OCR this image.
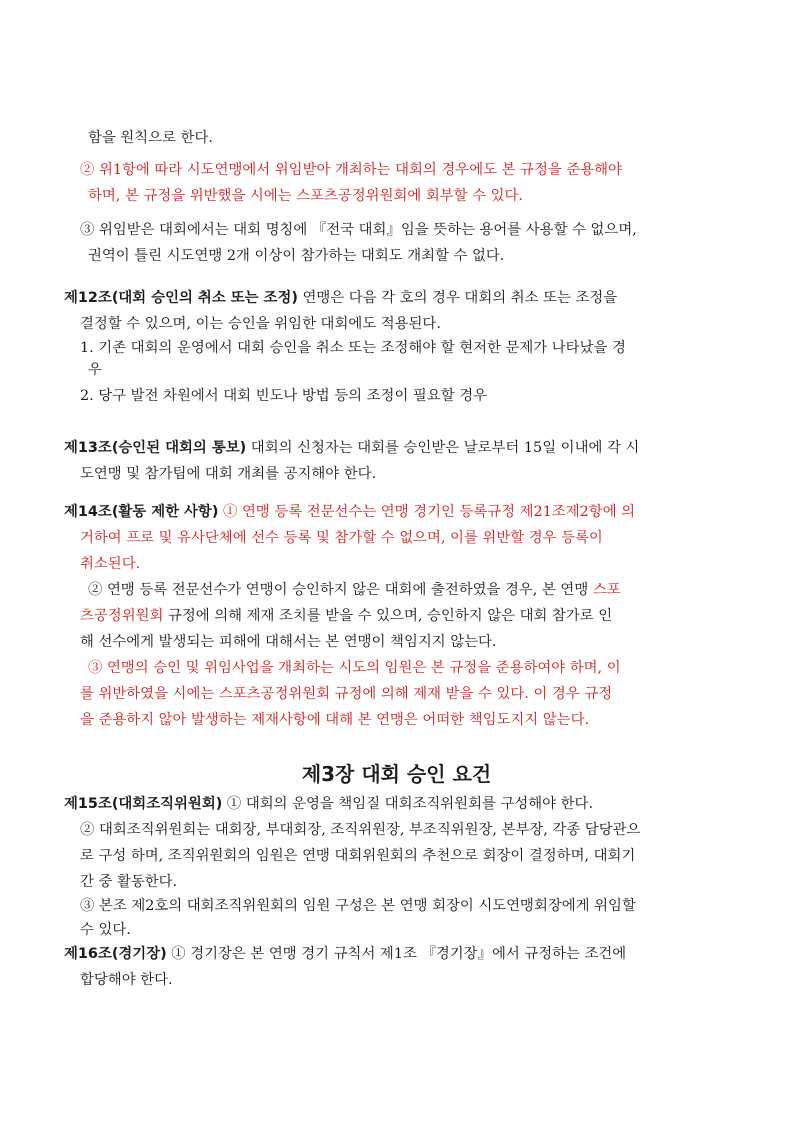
함을 원칙으로 한다.
② 위1항에 따라 시도연맹에서 위임받아 개최하는 대회의 경우에도 본 규정을 준용해야
하며, 본 규정을 위반했을 시에는 스포츠공정위원회에 회부할 수 있다.
③ 위임받은 대회에서는 대회 명칭에 『전국 대회』임을 뜻하는 용어를 사용할 수 없으며,
권역이 틀린 시도연맹 2개 이상이 참가하는 대회도 개최할 수 없다.
제12조(대회 승인의 취소 또는 조정) 연맹은 다음 각 호의 경우 대회의 취소 또는 조정을
결정할 수 있으며, 이는 승인을 위임한 대회에도 적용된다.
1. 기존 대회의 운영에서 대회 승인을 취소 또는 조정해야 할 현저한 문제가 나타났을 경
우
2. 당구 발전 차원에서 대회 빈도나 방법 등의 조정이 필요할 경우
제13조(승인된 대회의 통보) 대회의 신청자는 대회를 승인받은 날로부터 15일 이내에 각 시
도연맹 및 참가팀에 대회 개최를 공지해야 한다.
제14조(활동 제한 사항) ① 연맹 등록 전문선수는 연맹 경기인 등록규정 제21조제2항에 의
거하여 프로 및 유사단체에 선수 등록 및 참가할 수 없으며, 이를 위반할 경우 등록이
취소된다.
② 연맹 등록 전문선수가 연맹이 승인하지 않은 대회에 출전하였을 경우, 본 연맹 스포
츠공정위원회 규정에 의해 제재 조치를 받을 수 있으며, 승인하지 않은 대회 참가로 인
해 선수에게 발생되는 피해에 대해서는 본 연맹이 책임지지 않는다.
③ 연맹의 승인 및 위임사업을 개최하는 시도의 임원은 본 규정을 준용하여야 하며, 이
를 위반하였을 시에는 스포츠공정위원회 규정에 의해 제재 받을 수 있다. 이 경우 규정
을 준용하지 않아 발생하는 제재사항에 대해 본 연맹은 어떠한 책임도지지 않는다.
제3장 대회 승인 요건
제15조(대회조직위원회) ① 대회의 운영을 책임질 대회조직위원회를 구성해야 한다.
② 대회조직위원회는 대회장, 부대회장, 조직위원장, 부조직위원장, 본부장, 각종 담당관으
로 구성 하며, 조직위원회의 임원은 연맹 대회위원회의 추천으로 회장이 결정하며, 대회기
간 중 활동한다.
③ 본조 제2호의 대회조직위원회의 임원 구성은 본 연맹 회장이 시도연맹회장에게 위임할
수 있다.
제16조(경기장) ① 경기장은 본 연맹 경기 규칙서 제1조 『경기장』에서 규정하는 조건에
합당해야 한다.
